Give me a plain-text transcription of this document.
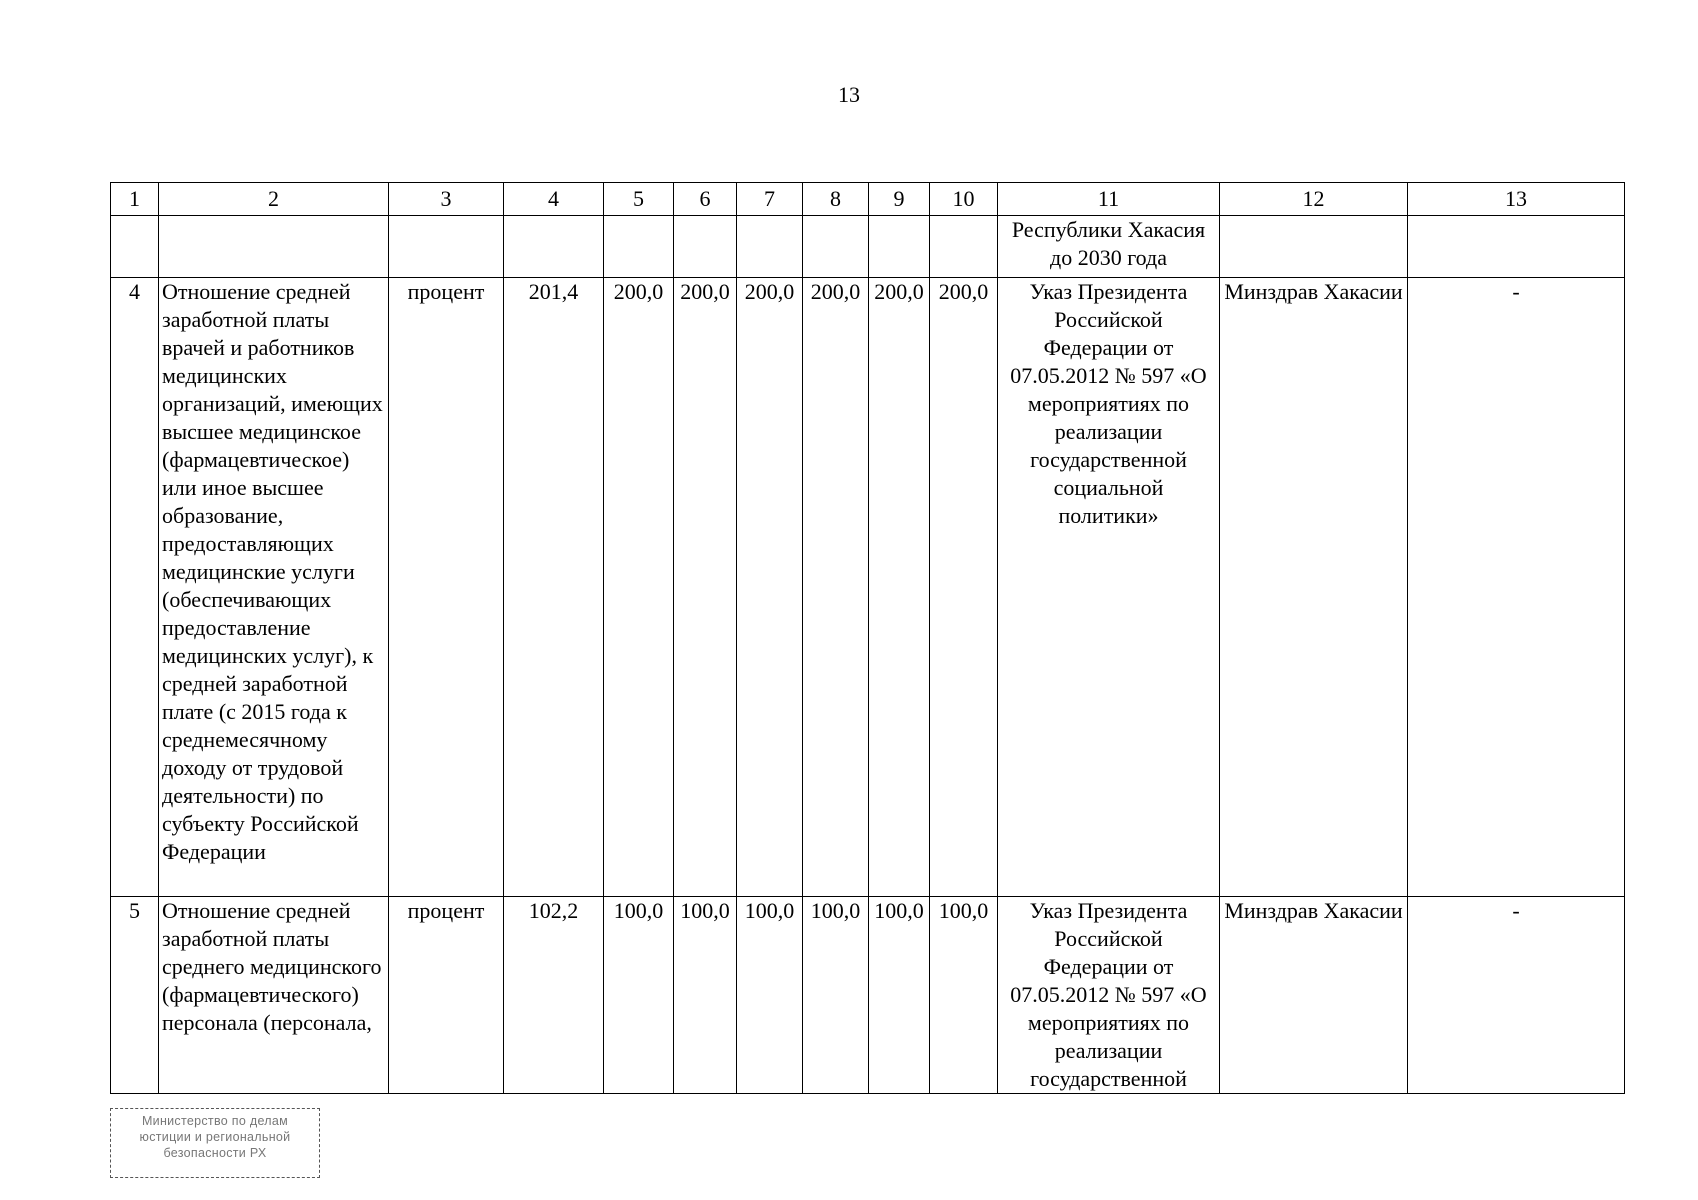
13
1	2	3	4	5	6	7	8	9	10	11	12	13
										Республики Хакасия до 2030 года		
4	Отношение средней заработной платы врачей и работников медицинских организаций, имеющих высшее медицинское (фармацевтическое) или иное высшее образование, предоставляющих медицинские услуги (обеспечивающих предоставление медицинских услуг), к средней заработной плате (с 2015 года к среднемесячному доходу от трудовой деятельности) по субъекту Российской Федерации	процент	201,4	200,0	200,0	200,0	200,0	200,0	200,0	Указ Президента Российской Федерации от 07.05.2012 № 597 «О мероприятиях по реализации государственной социальной политики»	Минздрав Хакасии	-
5	Отношение средней заработной платы среднего медицинского (фармацевтического) персонала (персонала,	процент	102,2	100,0	100,0	100,0	100,0	100,0	100,0	Указ Президента Российской Федерации от 07.05.2012 № 597 «О мероприятиях по реализации государственной	Минздрав Хакасии	-
Министерство по делам
юстиции и региональной
безопасности РХ
